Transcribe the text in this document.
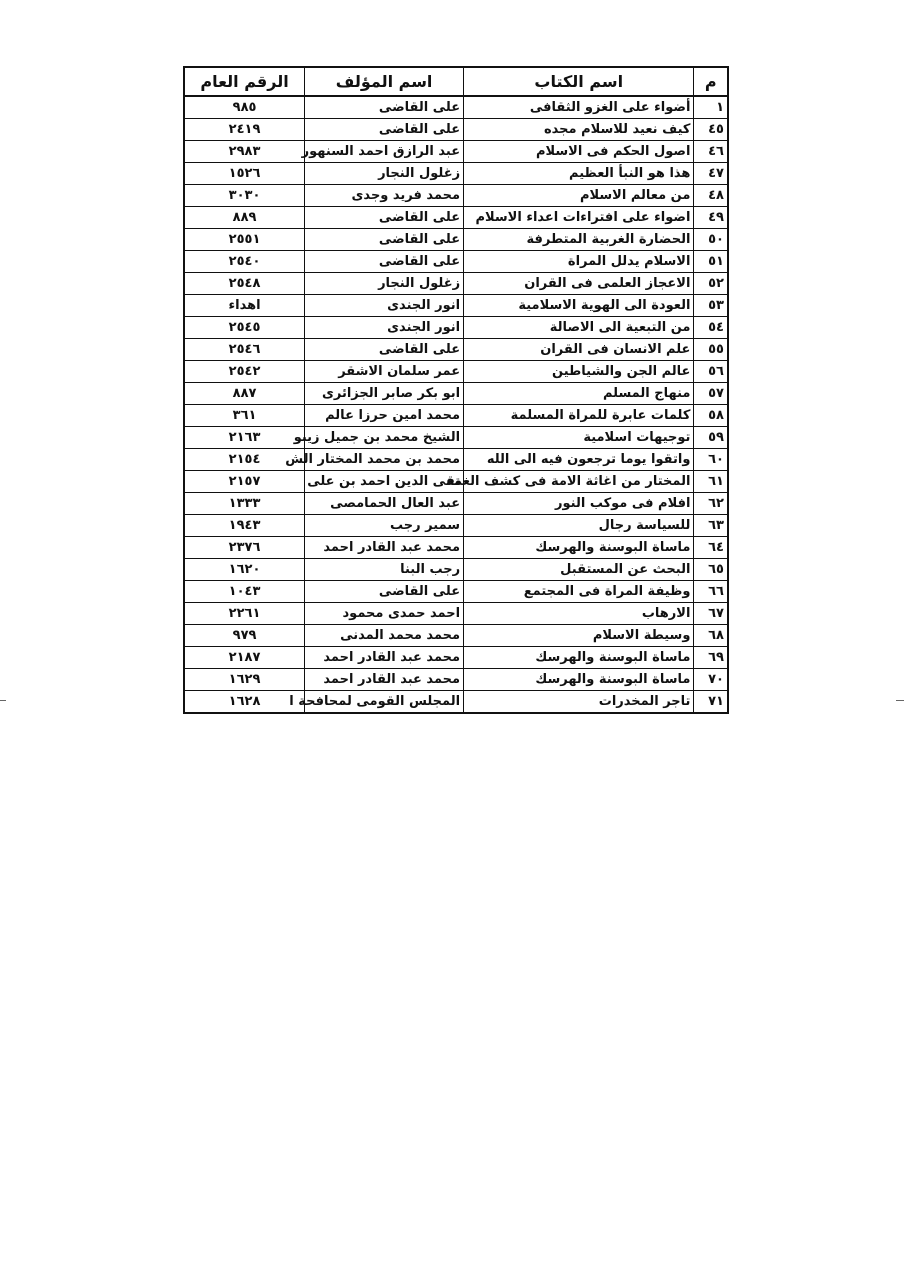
م	اسم الكتاب	اسم المؤلف	الرقم العام
١	أضواء على الغزو الثقافى	على القاضى	٩٨٥
٤٥	كيف نعيد للاسلام مجده	على القاضى	٢٤١٩
٤٦	اصول الحكم فى الاسلام	عبد الرازق احمد السنهور	٢٩٨٣
٤٧	هذا هو النبأ العظيم	زغلول النجار	١٥٢٦
٤٨	من معالم الاسلام	محمد فريد وجدى	٣٠٣٠
٤٩	اضواء على افتراءات اعداء الاسلام	على القاضى	٨٨٩
٥٠	الحضارة الغربية المتطرفة	على القاضى	٢٥٥١
٥١	الاسلام يدلل المراة	على القاضى	٢٥٤٠
٥٢	الاعجاز العلمى فى القران	زغلول النجار	٢٥٤٨
٥٣	العودة الى الهوية الاسلامية	انور الجندى	اهداء
٥٤	من التبعية الى الاصالة	انور الجندى	٢٥٤٥
٥٥	علم الانسان فى القران	على القاضى	٢٥٤٦
٥٦	عالم الجن والشياطين	عمر سلمان الاشقر	٢٥٤٢
٥٧	منهاج المسلم	ابو بكر صابر الجزائرى	٨٨٧
٥٨	كلمات عابرة للمراة المسلمة	محمد امين حرزا عالم	٣٦١
٥٩	توجيهات اسلامية	الشيخ محمد بن جميل زينو	٢١٦٣
٦٠	واتقوا يوما ترجعون فيه الى الله	محمد بن محمد المختار الش	٢١٥٤
٦١	المختار من اغاثة الامة فى كشف الغمة	تقى الدين احمد بن على	٢١٥٧
٦٢	افلام فى موكب النور	عبد العال الحمامصى	١٣٣٣
٦٣	للسياسة رجال	سمير رجب	١٩٤٣
٦٤	ماساة البوسنة والهرسك	محمد عبد القادر احمد	٢٣٧٦
٦٥	البحث عن المستقبل	رجب البنا	١٦٢٠
٦٦	وظيفة المراة فى المجتمع	على القاضى	١٠٤٣
٦٧	الارهاب	احمد حمدى محمود	٢٢٦١
٦٨	وسيطة الاسلام	محمد محمد المدنى	٩٧٩
٦٩	ماساة البوسنة والهرسك	محمد عبد القادر احمد	٢١٨٧
٧٠	ماساة البوسنة والهرسك	محمد عبد القادر احمد	١٦٢٩
٧١	تاجر المخدرات	المجلس القومى لمحافحة ا	١٦٢٨
